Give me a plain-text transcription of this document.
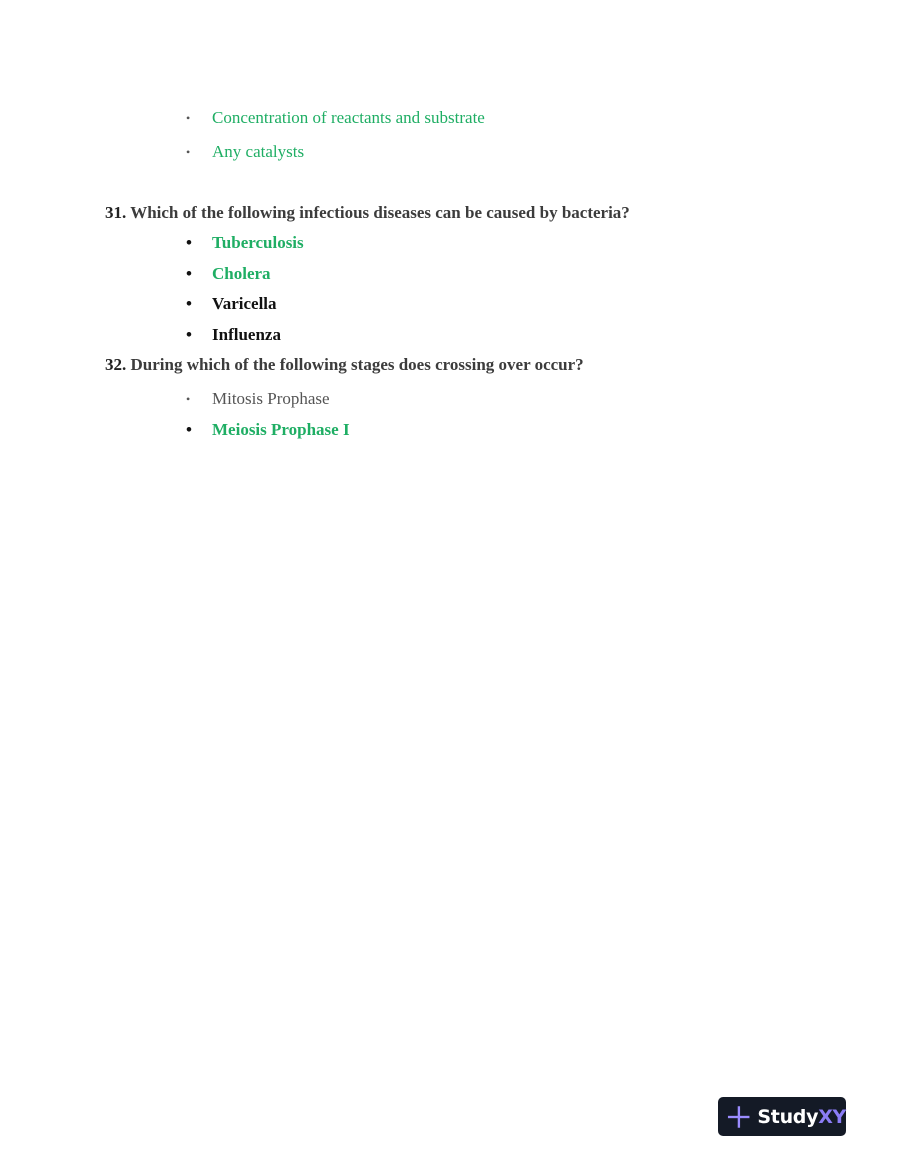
•	Concentration of reactants and substrate
•	Any catalysts
31. Which of the following infectious diseases can be caused by bacteria?
•	Tuberculosis
•	Cholera
•	Varicella
•	Influenza
32. During which of the following stages does crossing over occur?
•	Mitosis Prophase
•	Meiosis Prophase I
StudyXY
